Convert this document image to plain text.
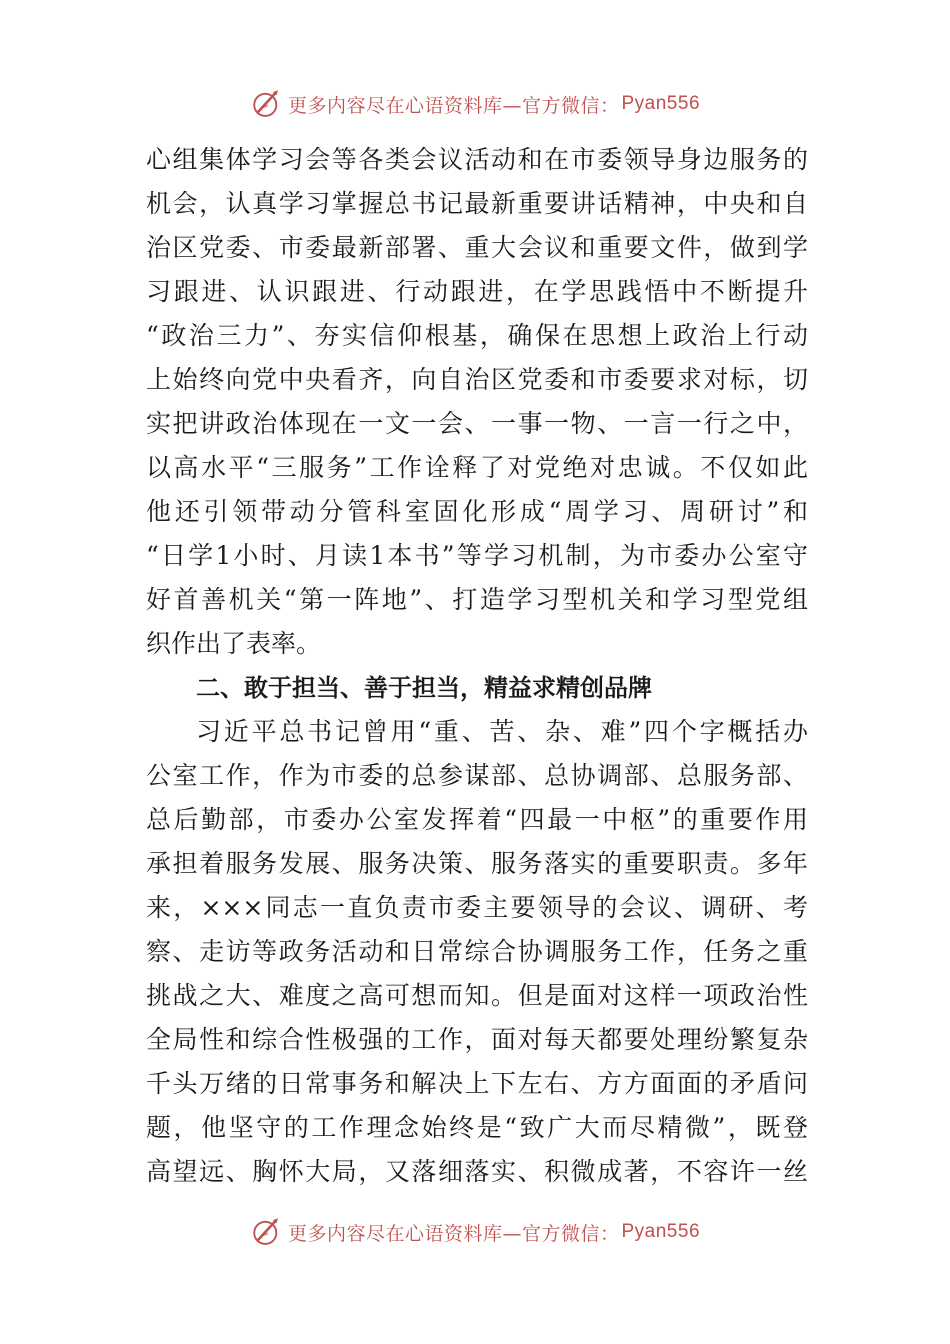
更多内容尽在心语资料库—官方微信： Pyan556
心组集体学习会等各类会议活动和在市委领导身边服务的
机会，认真学习掌握总书记最新重要讲话精神，中央和自
治区党委、市委最新部署、重大会议和重要文件，做到学
习跟进、认识跟进、行动跟进，在学思践悟中不断提升
“政治三力”、夯实信仰根基，确保在思想上政治上行动
上始终向党中央看齐，向自治区党委和市委要求对标，切
实把讲政治体现在一文一会、一事一物、一言一行之中，
以高水平“三服务”工作诠释了对党绝对忠诚。不仅如此
他还引领带动分管科室固化形成“周学习、周研讨”和
“日学1小时、月读1本书”等学习机制，为市委办公室守
好首善机关“第一阵地”、打造学习型机关和学习型党组
织作出了表率。
二、敢于担当、善于担当，精益求精创品牌
习近平总书记曾用“重、苦、杂、难”四个字概括办
公室工作，作为市委的总参谋部、总协调部、总服务部、
总后勤部，市委办公室发挥着“四最一中枢”的重要作用
承担着服务发展、服务决策、服务落实的重要职责。多年
来，×××同志一直负责市委主要领导的会议、调研、考
察、走访等政务活动和日常综合协调服务工作，任务之重
挑战之大、难度之高可想而知。但是面对这样一项政治性
全局性和综合性极强的工作，面对每天都要处理纷繁复杂
千头万绪的日常事务和解决上下左右、方方面面的矛盾问
题，他坚守的工作理念始终是“致广大而尽精微”，既登
高望远、胸怀大局，又落细落实、积微成著，不容许一丝
更多内容尽在心语资料库—官方微信： Pyan556
